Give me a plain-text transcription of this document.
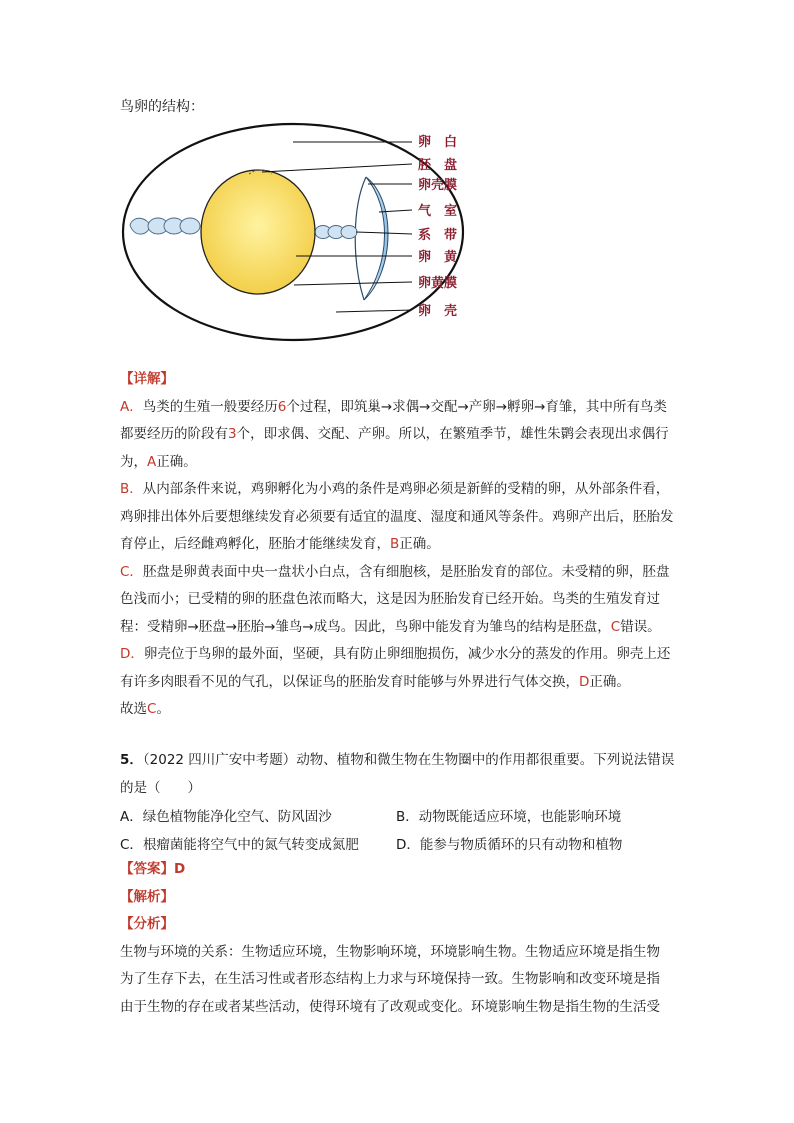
鸟卵的结构：
卵　白
胚　盘
卵壳膜
气　室
系　带
卵　黄
卵黄膜
卵　壳

【详解】

A．鸟类的生殖一般要经历6个过程，即筑巢→求偶→交配→产卵→孵卵→育雏，其中所有鸟类都要经历的阶段有3个，即求偶、交配、产卵。所以，在繁殖季节，雄性朱鹮会表现出求偶行为，A正确。

B．从内部条件来说，鸡卵孵化为小鸡的条件是鸡卵必须是新鲜的受精的卵，从外部条件看，鸡卵排出体外后要想继续发育必须要有适宜的温度、湿度和通风等条件。鸡卵产出后，胚胎发育停止，后经雌鸡孵化，胚胎才能继续发育，B正确。

C．胚盘是卵黄表面中央一盘状小白点，含有细胞核，是胚胎发育的部位。未受精的卵，胚盘色浅而小；已受精的卵的胚盘色浓而略大，这是因为胚胎发育已经开始。鸟类的生殖发育过程：受精卵→胚盘→胚胎→雏鸟→成鸟。因此，鸟卵中能发育为雏鸟的结构是胚盘，C错误。

D．卵壳位于鸟卵的最外面，坚硬，具有防止卵细胞损伤，减少水分的蒸发的作用。卵壳上还有许多肉眼看不见的气孔，以保证鸟的胚胎发育时能够与外界进行气体交换，D正确。

故选C。

5．（2022 四川广安中考题）动物、植物和微生物在生物圈中的作用都很重要。下列说法错误的是（　　）

A．绿色植物能净化空气、防风固沙	B．动物既能适应环境，也能影响环境
C．根瘤菌能将空气中的氮气转变成氮肥	D．能参与物质循环的只有动物和植物

【答案】D

【解析】

【分析】

生物与环境的关系：生物适应环境，生物影响环境，环境影响生物。生物适应环境是指生物

为了生存下去，在生活习性或者形态结构上力求与环境保持一致。生物影响和改变环境是指

由于生物的存在或者某些活动，使得环境有了改观或变化。环境影响生物是指生物的生活受
